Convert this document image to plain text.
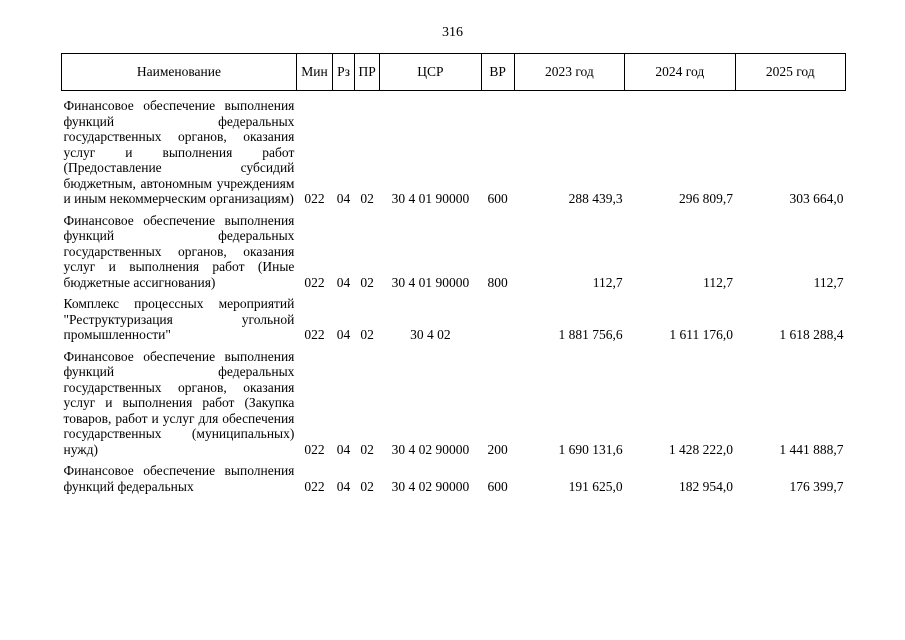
316
Наименование	Мин	Рз	ПР	ЦСР	ВР	2023 год	2024 год	2025 год
Финансовое обеспечение выполнения функций федеральных государственных органов, оказания услуг и выполнения работ (Предоставление субсидий бюджетным, автономным учреждениям и иным некоммерческим организациям)	022	04	02	30 4 01 90000	600	288 439,3	296 809,7	303 664,0

Финансовое обеспечение выполнения функций федеральных государственных органов, оказания услуг и выполнения работ (Иные бюджетные ассигнования)	022	04	02	30 4 01 90000	800	112,7	112,7	112,7

Комплекс процессных мероприятий "Реструктуризация угольной промышленности"	022	04	02	30 4 02		1 881 756,6	1 611 176,0	1 618 288,4

Финансовое обеспечение выполнения функций федеральных государственных органов, оказания услуг и выполнения работ (Закупка товаров, работ и услуг для обеспечения государственных (муниципальных) нужд)	022	04	02	30 4 02 90000	200	1 690 131,6	1 428 222,0	1 441 888,7

Финансовое обеспечение выполнения функций федеральных	022	04	02	30 4 02 90000	600	191 625,0	182 954,0	176 399,7
